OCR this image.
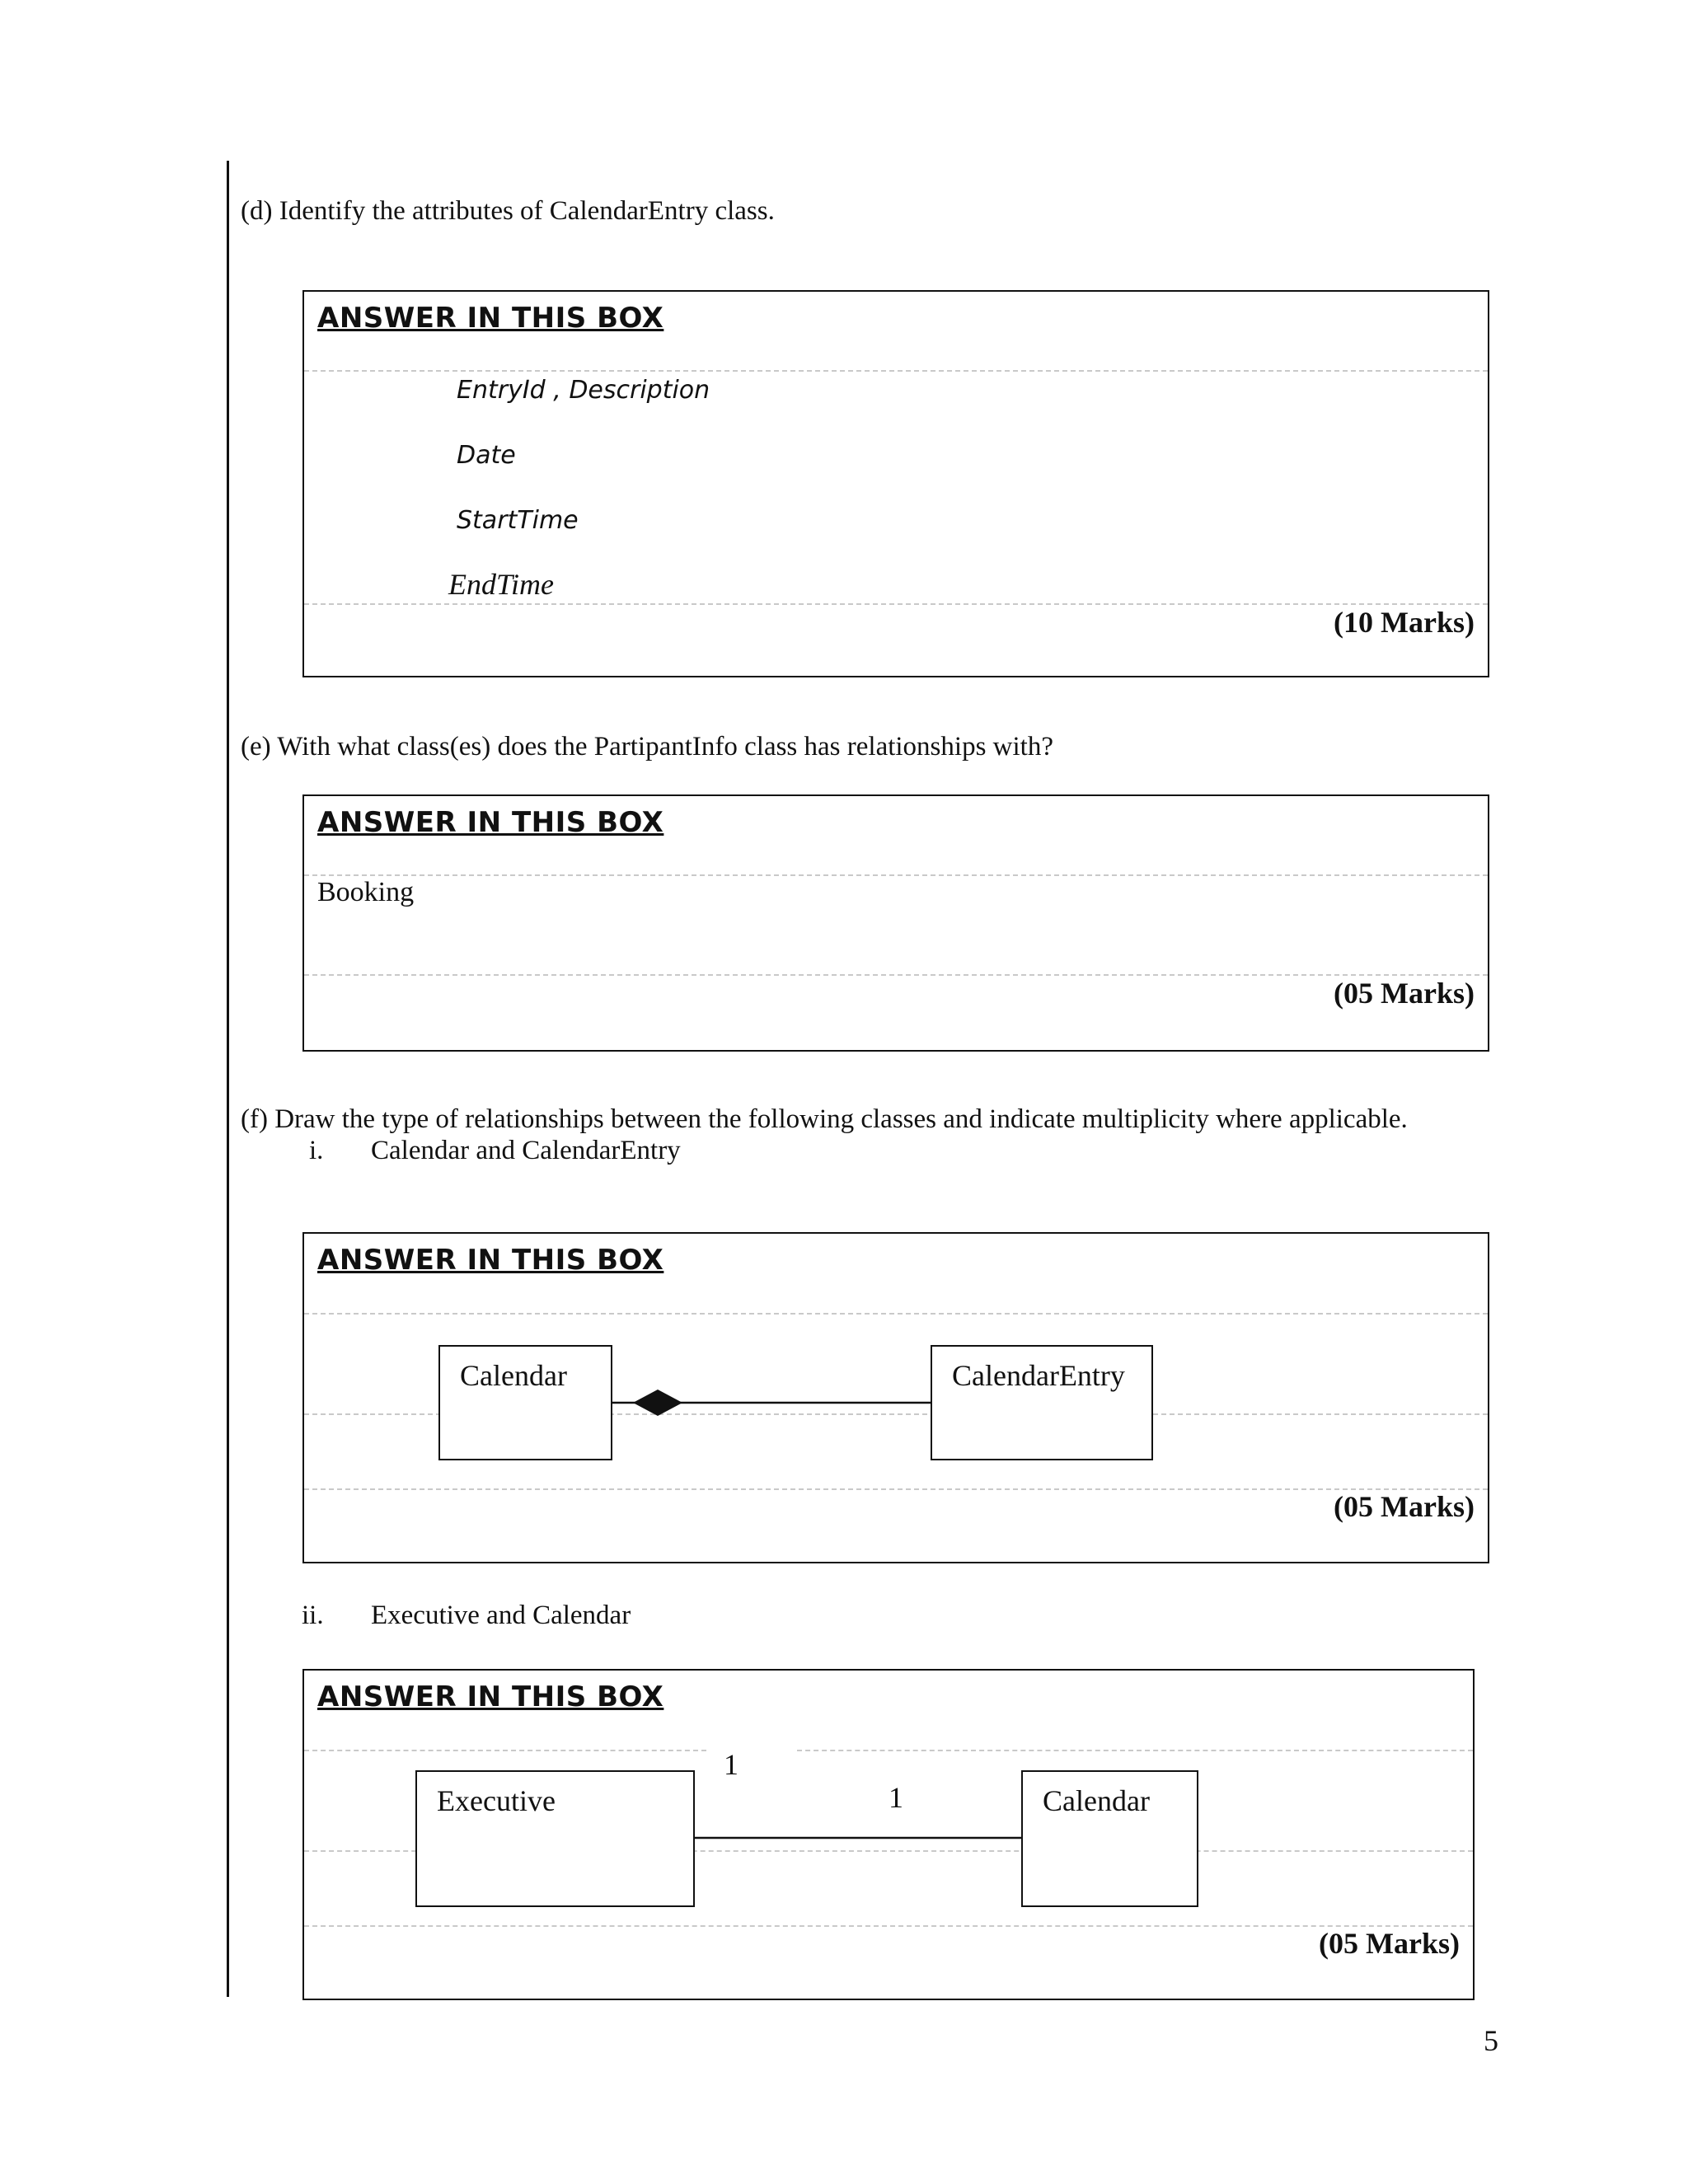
(d) Identify the attributes of CalendarEntry class.
ANSWER IN THIS BOX
EntryId , Description
Date
StartTime
EndTime
(10 Marks)
(e) With what class(es) does the PartipantInfo class has relationships with?
ANSWER IN THIS BOX
Booking
(05 Marks)
(f) Draw the type of relationships between the following classes and indicate multiplicity where applicable.
i. Calendar and CalendarEntry
ANSWER IN THIS BOX
(05 Marks)
Calendar	CalendarEntry
ii. Executive and Calendar
ANSWER IN THIS BOX
(05 Marks)
Executive	Calendar
1
1
5
